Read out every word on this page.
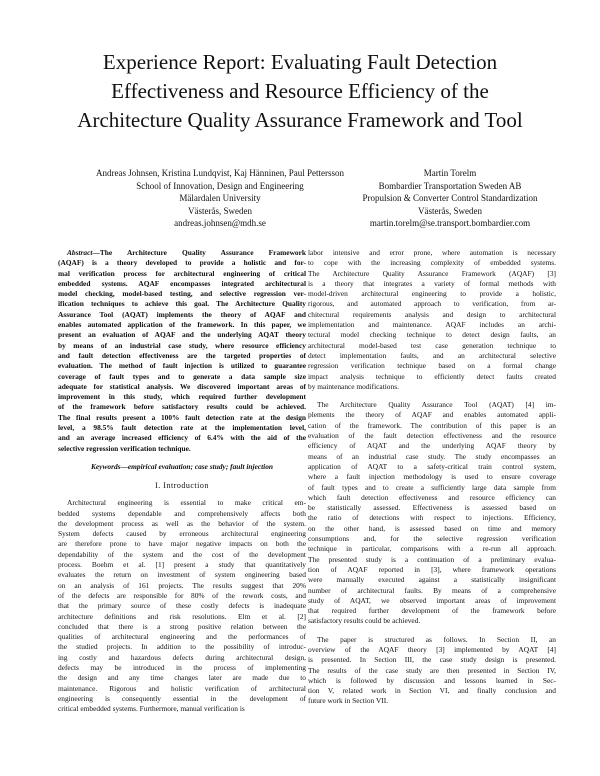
Experience Report: Evaluating Fault Detection
Effectiveness and Resource Efficiency of the
Architecture Quality Assurance Framework and Tool
Andreas Johnsen, Kristina Lundqvist, Kaj Hänninen, Paul Pettersson
School of Innovation, Design and Engineering
Mälardalen University
Västerås, Sweden
andreas.johnsen@mdh.se
Martin Torelm
Bombardier Transportation Sweden AB
Propulsion & Converter Control Standardization
Västerås, Sweden
martin.torelm@se.transport.bombardier.com
Abstract—The Architecture Quality Assurance Framework
(AQAF) is a theory developed to provide a holistic and for-
mal verification process for architectural engineering of critical
embedded systems. AQAF encompasses integrated architectural
model checking, model-based testing, and selective regression ver-
ification techniques to achieve this goal. The Architecture Quality
Assurance Tool (AQAT) implements the theory of AQAF and
enables automated application of the framework. In this paper, we
present an evaluation of AQAF and the underlying AQAT theory
by means of an industrial case study, where resource efficiency
and fault detection effectiveness are the targeted properties of
evaluation. The method of fault injection is utilized to guarantee
coverage of fault types and to generate a data sample size
adequate for statistical analysis. We discovered important areas of
improvement in this study, which required further development
of the framework before satisfactory results could be achieved.
The final results present a 100% fault detection rate at the design
level, a 98.5% fault detection rate at the implementation level,
and an average increased efficiency of 6.4% with the aid of the
selective regression verification technique.
Keywords—empirical evaluation; case study; fault injection
I. Introduction
Architectural engineering is essential to make critical em-
bedded systems dependable and comprehensively affects both
the development process as well as the behavior of the system.
System defects caused by erroneous architectural engineering
are therefore prone to have major negative impacts on both the
dependability of the system and the cost of the development
process. Boehm et al. [1] present a study that quantitatively
evaluates the return on investment of system engineering based
on an analysis of 161 projects. The results suggest that 20%
of the defects are responsible for 80% of the rework costs, and
that the primary source of these costly defects is inadequate
architecture definitions and risk resolutions. Elm et al. [2]
concluded that there is a strong positive relation between the
qualities of architectural engineering and the performances of
the studied projects. In addition to the possibility of introduc-
ing costly and hazardous defects during architectural design,
defects may be introduced in the process of implementing
the design and any time changes later are made due to
maintenance. Rigorous and holistic verification of architectural
engineering is consequently essential in the development of
critical embedded systems. Furthermore, manual verification is
labor intensive and error prone, where automation is necessary
to cope with the increasing complexity of embedded systems.
The Architecture Quality Assurance Framework (AQAF) [3]
is a theory that integrates a variety of formal methods with
model-driven architectural engineering to provide a holistic,
rigorous, and automated approach to verification, from ar-
chitectural requirements analysis and design to architectural
implementation and maintenance. AQAF includes an archi-
tectural model checking technique to detect design faults, an
architectural model-based test case generation technique to
detect implementation faults, and an architectural selective
regression verification technique based on a formal change
impact analysis technique to efficiently detect faults created
by maintenance modifications.
The Architecture Quality Assurance Tool (AQAT) [4] im-
plements the theory of AQAF and enables automated appli-
cation of the framework. The contribution of this paper is an
evaluation of the fault detection effectiveness and the resource
efficiency of AQAT and the underlying AQAF theory by
means of an industrial case study. The study encompasses an
application of AQAT to a safety-critical train control system,
where a fault injection methodology is used to ensure coverage
of fault types and to create a sufficiently large data sample from
which fault detection effectiveness and resource efficiency can
be statistically assessed. Effectiveness is assessed based on
the ratio of detections with respect to injections. Efficiency,
on the other hand, is assessed based on time and memory
consumptions and, for the selective regression verification
technique in particular, comparisons with a re-run all approach.
The presented study is a continuation of a preliminary evalua-
tion of AQAF reported in [3], where framework operations
were manually executed against a statistically insignificant
number of architectural faults. By means of a comprehensive
study of AQAT, we observed important areas of improvement
that required further development of the framework before
satisfactory results could be achieved.
The paper is structured as follows. In Section II, an
overview of the AQAF theory [3] implemented by AQAT [4]
is presented. In Section III, the case study design is presented.
The results of the case study are then presented in Section IV,
which is followed by discussion and lessons learned in Sec-
tion V, related work in Section VI, and finally conclusion and
future work in Section VII.
